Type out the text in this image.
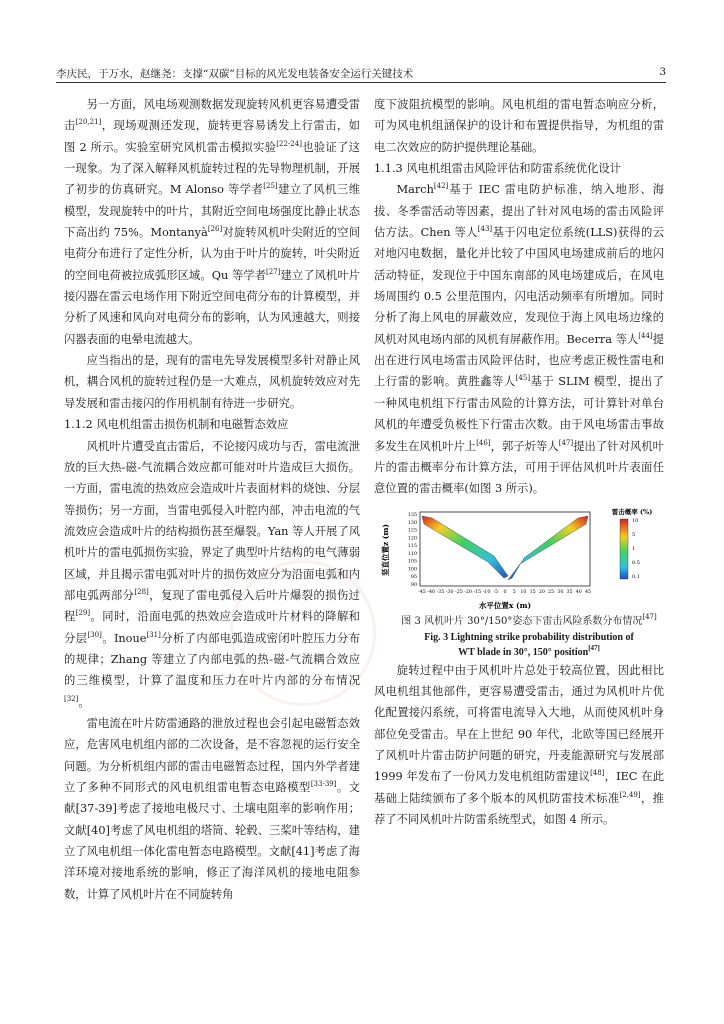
李庆民，于万水，赵继尧：支撑“双碳”目标的风光发电装备安全运行关键技术	3

另一方面，风电场观测数据发现旋转风机更容易遭受雷击[20,21]，现场观测还发现，旋转更容易诱发上行雷击，如图 2 所示。实验室研究风机雷击模拟实验[22-24]也验证了这一现象。为了深入解释风机旋转过程的先导物理机制，开展了初步的仿真研究。M Alonso 等学者[25]建立了风机三维模型，发现旋转中的叶片，其附近空间电场强度比静止状态下高出约 75%。Montanyà[26]对旋转风机叶尖附近的空间电荷分布进行了定性分析，认为由于叶片的旋转，叶尖附近的空间电荷被拉成弧形区域。Qu 等学者[27]建立了风机叶片接闪器在雷云电场作用下附近空间电荷分布的计算模型，并分析了风速和风向对电荷分布的影响，认为风速越大，则接闪器表面的电晕电流越大。

应当指出的是，现有的雷电先导发展模型多针对静止风机，耦合风机的旋转过程仍是一大难点，风机旋转效应对先导发展和雷击接闪的作用机制有待进一步研究。

1.1.2 风电机组雷击损伤机制和电磁暂态效应

风机叶片遭受直击雷后，不论接闪成功与否，雷电流泄放的巨大热-磁-气流耦合效应都可能对叶片造成巨大损伤。一方面，雷电流的热效应会造成叶片表面材料的烧蚀、分层等损伤；另一方面，当雷电弧侵入叶腔内部，冲击电流的气流效应会造成叶片的结构损伤甚至爆裂。Yan 等人开展了风机叶片的雷电弧损伤实验，界定了典型叶片结构的电气薄弱区域，并且揭示雷电弧对叶片的损伤效应分为沿面电弧和内部电弧两部分[28]，复现了雷电弧侵入后叶片爆裂的损伤过程[29]。同时，沿面电弧的热效应会造成叶片材料的降解和分层[30]。Inoue[31]分析了内部电弧造成密闭叶腔压力分布的规律；Zhang 等建立了内部电弧的热-磁-气流耦合效应的三维模型，计算了温度和压力在叶片内部的分布情况[32]。

雷电流在叶片防雷通路的泄放过程也会引起电磁暂态效应，危害风电机组内部的二次设备，是不容忽视的运行安全问题。为分析机组内部的雷击电磁暂态过程，国内外学者建立了多种不同形式的风电机组雷电暂态电路模型[33-39]。文献[37-39]考虑了接地电极尺寸、土壤电阻率的影响作用；文献[40]考虑了风电机组的塔筒、轮毂、三桨叶等结构，建立了风电机组一体化雷电暂态电路模型。文献[41]考虑了海洋环境对接地系统的影响，修正了海洋风机的接地电阻参数，计算了风机叶片在不同旋转角

度下波阻抗模型的影响。风电机组的雷电暂态响应分析，可为风电机组涵保护的设计和布置提供指导，为机组的雷电二次效应的防护提供理论基础。

1.1.3 风电机组雷击风险评估和防雷系统优化设计

March[42]基于 IEC 雷电防护标准，纳入地形、海拔、冬季雷活动等因素，提出了针对风电场的雷击风险评估方法。Chen 等人[43]基于闪电定位系统(LLS)获得的云对地闪电数据，量化并比较了中国风电场建成前后的地闪活动特征，发现位于中国东南部的风电场建成后，在风电场周围约 0.5 公里范围内，闪电活动频率有所增加。同时分析了海上风电的屏蔽效应，发现位于海上风电场边缘的风机对风电场内部的风机有屏蔽作用。Becerra 等人[44]提出在进行风电场雷击风险评估时，也应考虑正极性雷电和上行雷的影响。黄胜鑫等人[45]基于 SLIM 模型，提出了一种风电机组下行雷击风险的计算方法，可计算针对单台风机的年遭受负极性下行雷击次数。由于风电场雷击事故多发生在风机叶片上[46]，郭子炘等人[47]提出了针对风机叶片的雷击概率分布计算方法，可用于评估风机叶片表面任意位置的雷击概率(如图 3 所示)。

135
130
125
120
115
110
105
100
95
90
-45 -40 -35 -30 -25 -20 -15 -10 -5 0 5 10 15 20 25 30 35 40 45
竖直位置z (m)
水平位置x (m)
雷击概率 (%)
10
5
1
0.5
0.1

图 3 风机叶片 30°/150°姿态下雷击风险系数分布情况[47]

Fig. 3 Lightning strike probability distribution of

WT blade in 30°, 150° position[47]

旋转过程中由于风机叶片总处于较高位置，因此相比风电机组其他部件，更容易遭受雷击，通过为风机叶片优化配置接闪系统，可将雷电流导入大地，从而使风机叶身部位免受雷击。早在上世纪 90 年代，北欧等国已经展开了风机叶片雷击防护问题的研究，丹麦能源研究与发展部 1999 年发布了一份风力发电机组防雷建议[48]，IEC 在此基础上陆续颁布了多个版本的风机防雷技术标准[2,49]，推荐了不同风机叶片防雷系统型式，如图 4 所示。
